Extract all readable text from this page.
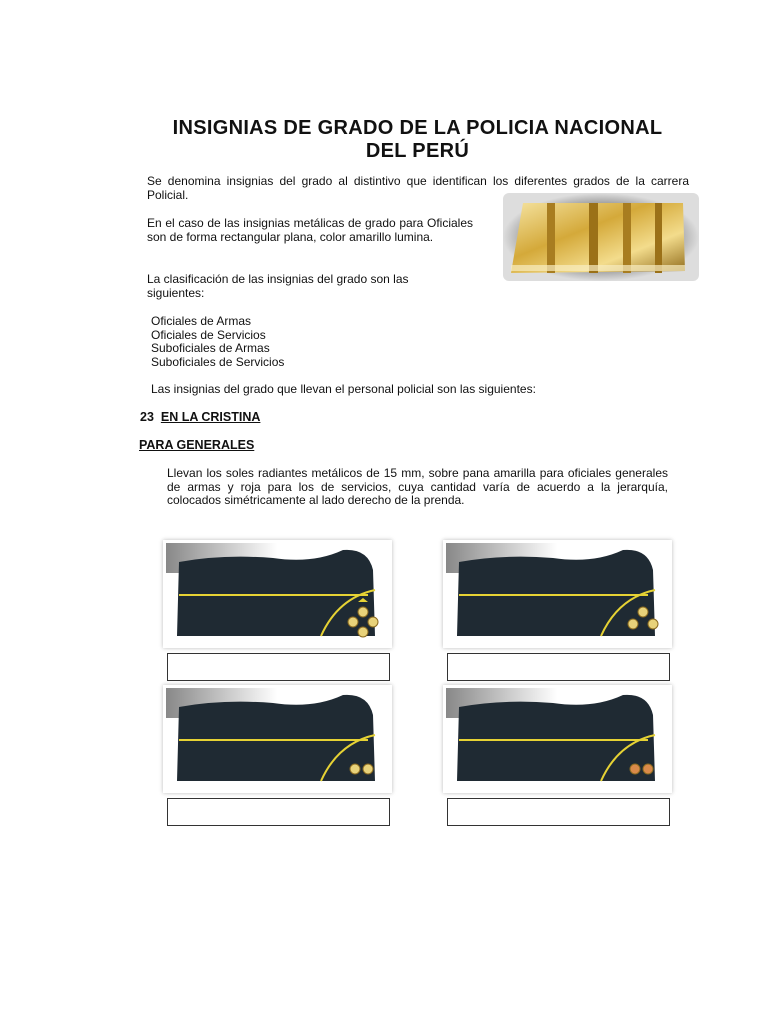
INSIGNIAS DE GRADO DE LA POLICIA NACIONAL
DEL PERÚ
Se denomina insignias del grado al distintivo que identifican los diferentes grados de la carrera Policial.
En el caso de las insignias metálicas de grado para Oficiales son de forma rectangular plana, color amarillo lumina.
La clasificación de las insignias del grado son las siguientes:
Oficiales de Armas
Oficiales de Servicios
Suboficiales de Armas
Suboficiales de Servicios
Las insignias del grado que llevan el personal policial son las siguientes:
23 EN LA CRISTINA
PARA GENERALES
Llevan los soles radiantes metálicos de 15 mm, sobre pana amarilla para oficiales generales de armas y roja para los de servicios, cuya cantidad varía de acuerdo a la jerarquía, colocados simétricamente al lado derecho de la prenda.
